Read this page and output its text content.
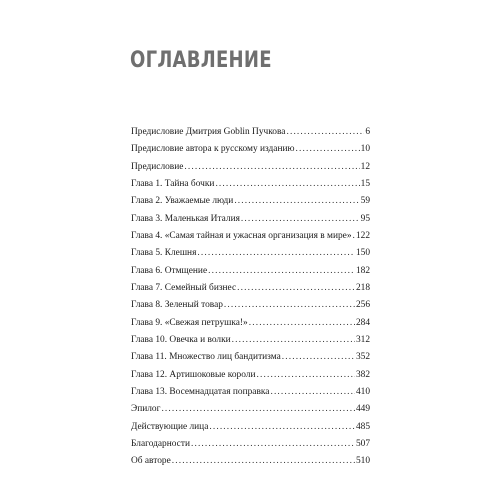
ОГЛАВЛЕНИЕ
Предисловие Дмитрия Goblin Пучкова . . .	6
Предисловие автора к русскому изданию . . .	10
Предисловие . . .	12
Глава 1. Тайна бочки . . .	15
Глава 2. Уважаемые люди . . .	59
Глава 3. Маленькая Италия . . .	95
Глава 4. «Самая тайная и ужасная организация в мире» . . . 122
Глава 5. Клешня . . .	150
Глава 6. Отмщение . . .	182
Глава 7. Семейный бизнес . . .	218
Глава 8. Зеленый товар . . .	256
Глава 9. «Свежая петрушка!» . . .	284
Глава 10. Овечка и волки . . .	312
Глава 11. Множество лиц бандитизма . . .	352
Глава 12. Артишоковые короли . . .	382
Глава 13. Восемнадцатая поправка . . .	410
Эпилог . . .	449
Действующие лица . . .	485
Благодарности . . .	507
Об авторе . . .	510
